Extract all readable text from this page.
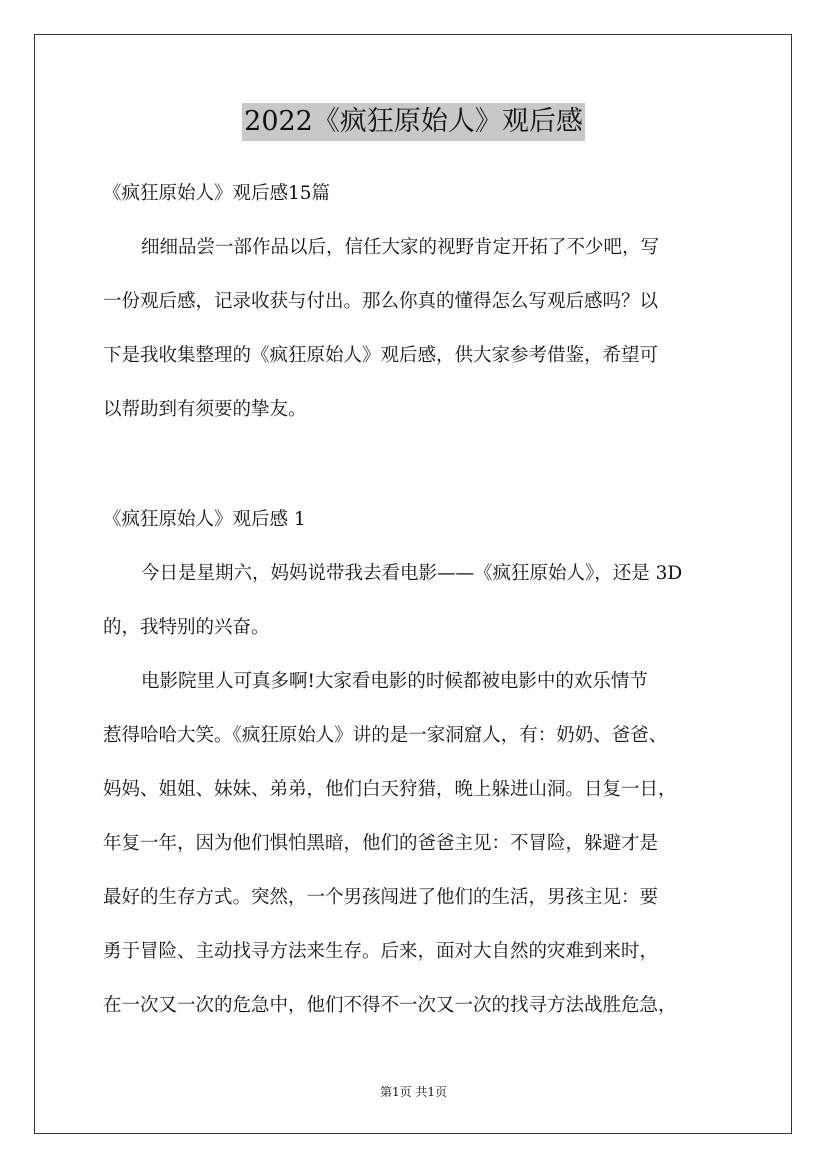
2022《疯狂原始人》观后感
《疯狂原始人》观后感15篇
细细品尝一部作品以后，信任大家的视野肯定开拓了不少吧，写
一份观后感，记录收获与付出。那么你真的懂得怎么写观后感吗？以
下是我收集整理的《疯狂原始人》观后感，供大家参考借鉴，希望可
以帮助到有须要的挚友。
《疯狂原始人》观后感 1
今日是星期六，妈妈说带我去看电影——《疯狂原始人》，还是 3D
的，我特别的兴奋。
电影院里人可真多啊!大家看电影的时候都被电影中的欢乐情节
惹得哈哈大笑。《疯狂原始人》讲的是一家洞窟人，有：奶奶、爸爸、
妈妈、姐姐、妹妹、弟弟，他们白天狩猎，晚上躲进山洞。日复一日，
年复一年，因为他们惧怕黑暗，他们的爸爸主见：不冒险，躲避才是
最好的生存方式。突然，一个男孩闯进了他们的生活，男孩主见：要
勇于冒险、主动找寻方法来生存。后来，面对大自然的灾难到来时，
在一次又一次的危急中，他们不得不一次又一次的找寻方法战胜危急，
第1页 共1页
